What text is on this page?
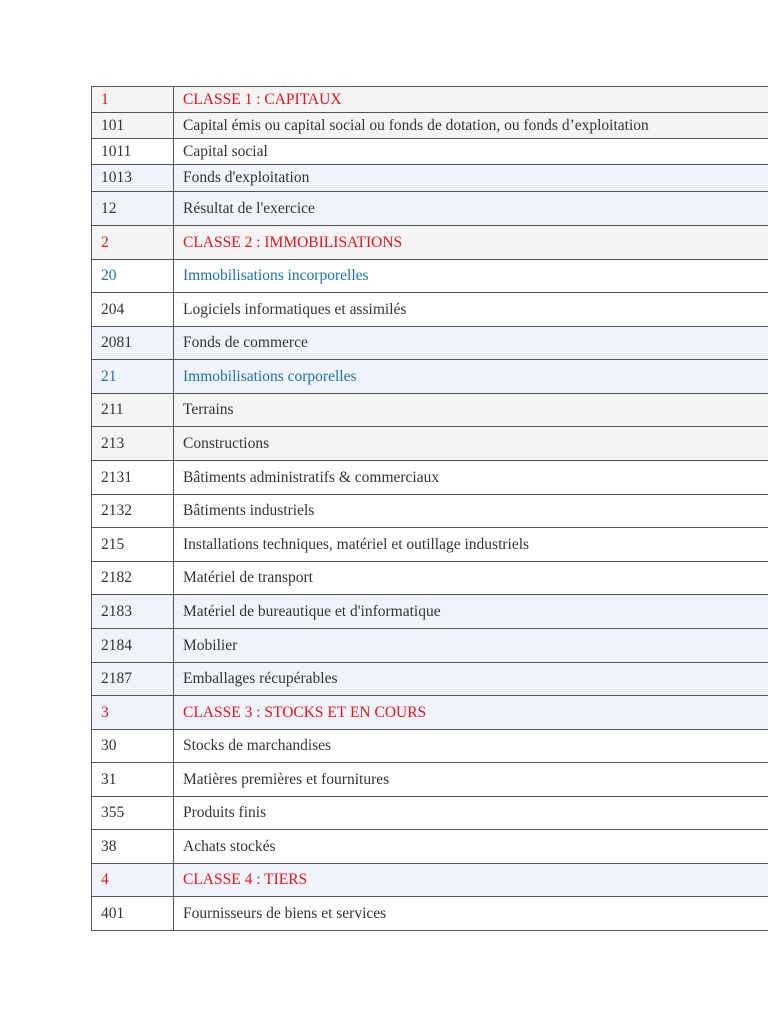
1	CLASSE 1 : CAPITAUX
101	Capital émis ou capital social ou fonds de dotation, ou fonds d’exploitation
1011	Capital social
1013	Fonds d'exploitation
12	Résultat de l'exercice
2	CLASSE 2 : IMMOBILISATIONS
20	Immobilisations incorporelles
204	Logiciels informatiques et assimilés
2081	Fonds de commerce
21	Immobilisations corporelles
211	Terrains
213	Constructions
2131	Bâtiments administratifs & commerciaux
2132	Bâtiments industriels
215	Installations techniques, matériel et outillage industriels
2182	Matériel de transport
2183	Matériel de bureautique et d'informatique
2184	Mobilier
2187	Emballages récupérables
3	CLASSE 3 : STOCKS ET EN COURS
30	Stocks de marchandises
31	Matières premières et fournitures
355	Produits finis
38	Achats stockés
4	CLASSE 4 : TIERS
401	Fournisseurs de biens et services
